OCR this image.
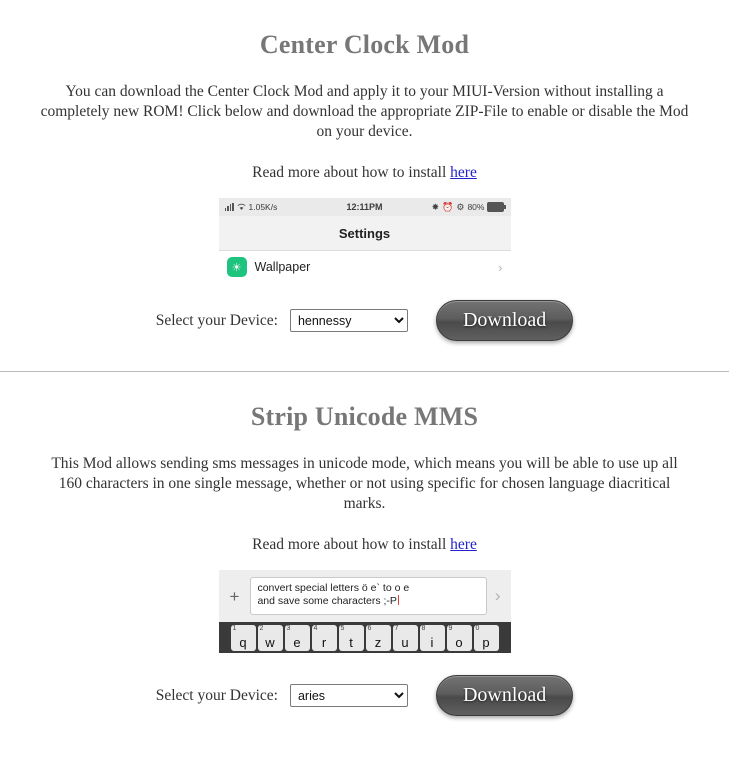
Center Clock Mod

You can download the Center Clock Mod and apply it to your MIUI-Version without installing a completely new ROM! Click below and download the appropriate ZIP-File to enable or disable the Mod on your device.

Read more about how to install here
1.05K/s	12:11PM	✸ ⏰ ⚙ 80%
Settings
☀	Wallpaper	›
Select your Device:
hennessy	Download
Strip Unicode MMS

This Mod allows sending sms messages in unicode mode, which means you will be able to use up all 160 characters in one single message, whether or not using specific for chosen language diacritical marks.

Read more about how to install here
+	convert special letters ö e` to o e
and save some characters ;-P	›
1
q
2
w
3
e
4
r
5
t
6
z
7
u
8
i
9
o
0
p
Select your Device:
aries	Download
